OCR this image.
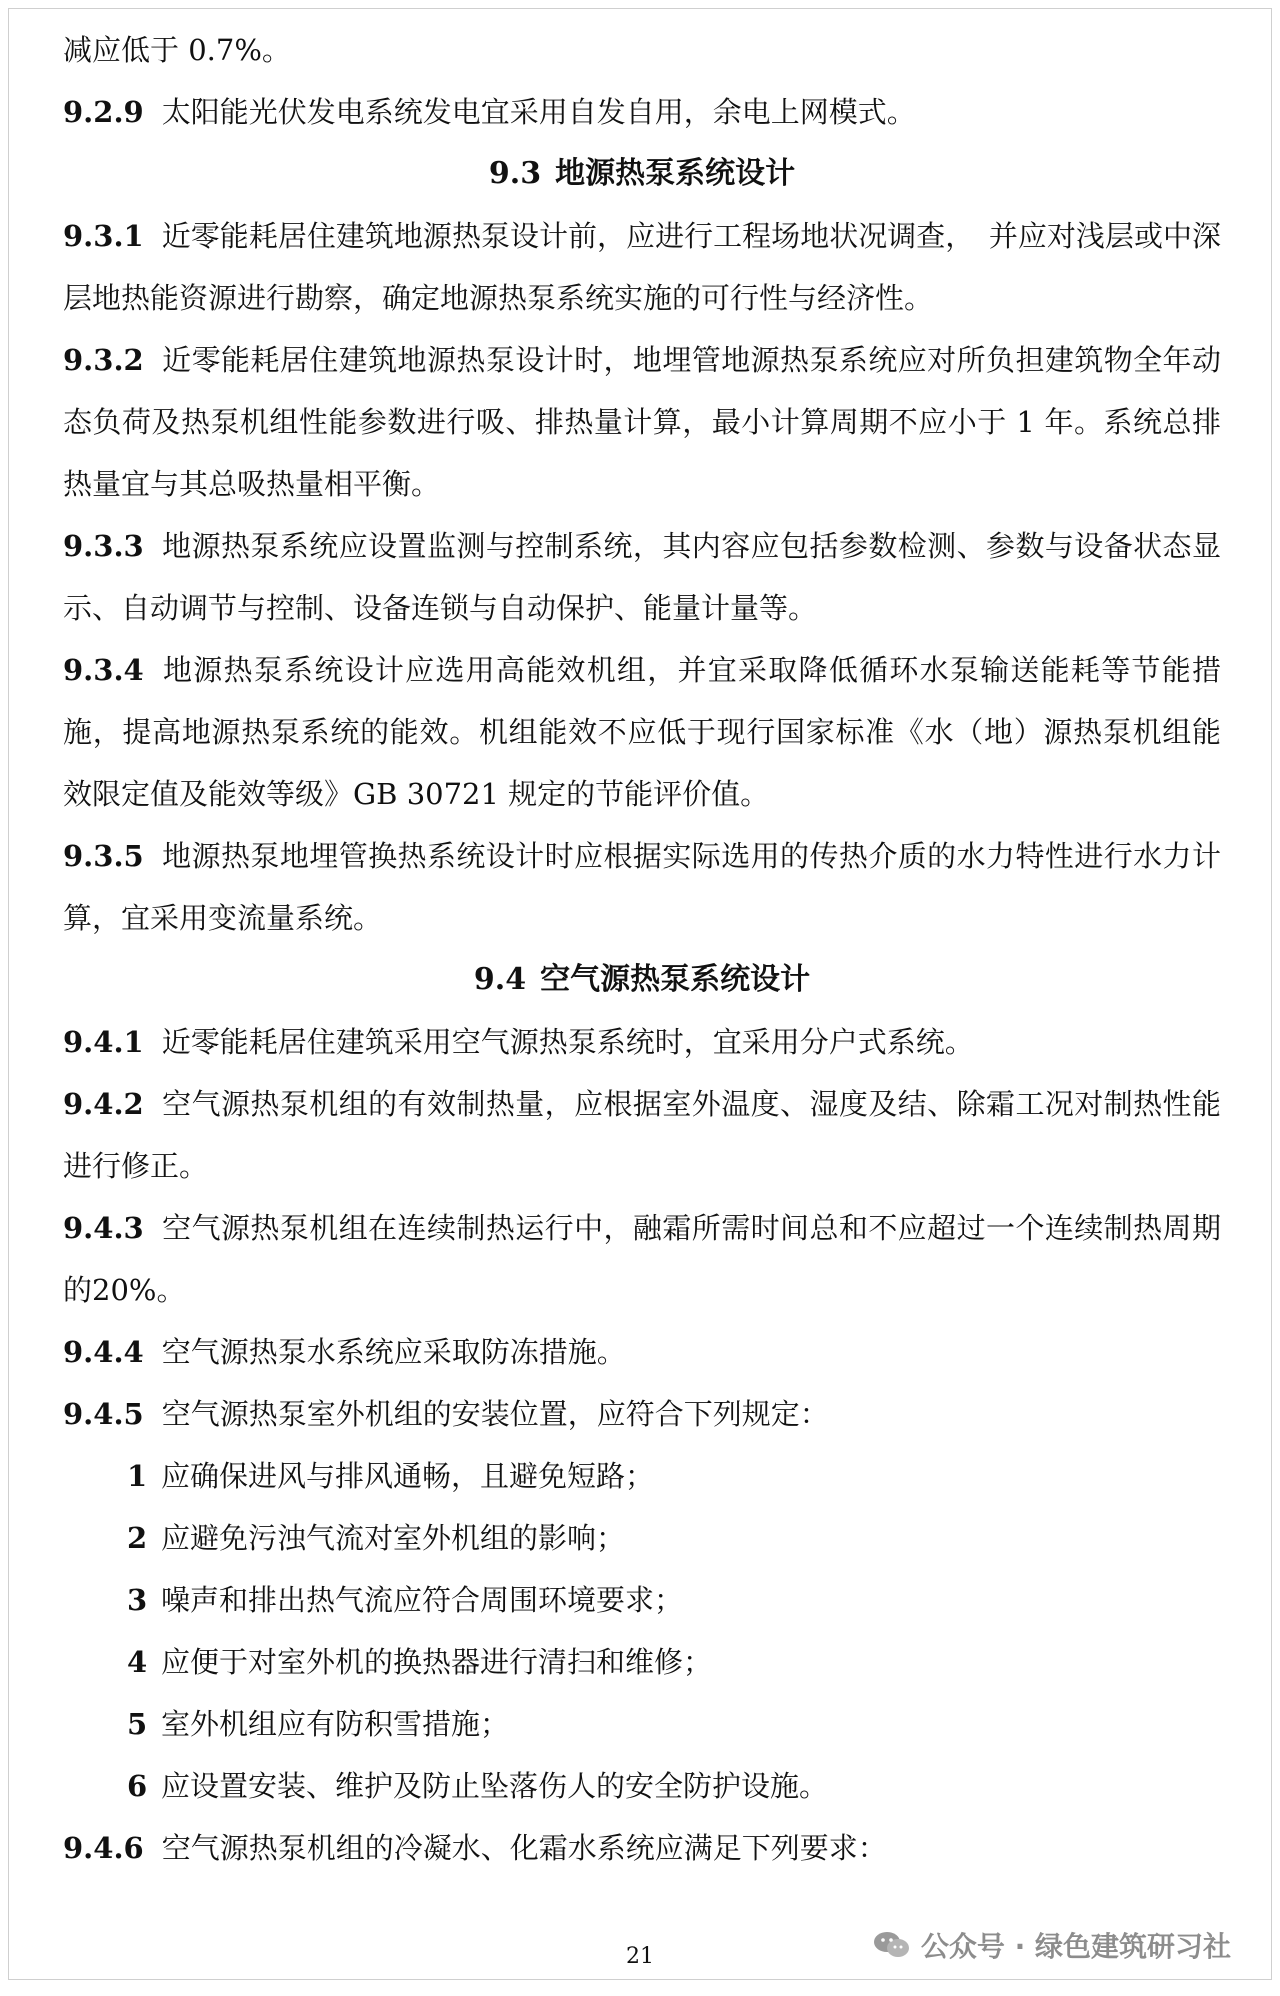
减应低于 0.7%。

9.2.9 太阳能光伏发电系统发电宜采用自发自用，余电上网模式。

9.3 地源热泵系统设计

9.3.1 近零能耗居住建筑地源热泵设计前，应进行工程场地状况调查，　并应对浅层或中深层地热能资源进行勘察，确定地源热泵系统实施的可行性与经济性。

9.3.2 近零能耗居住建筑地源热泵设计时，地埋管地源热泵系统应对所负担建筑物全年动态负荷及热泵机组性能参数进行吸、排热量计算，最小计算周期不应小于 1 年。系统总排热量宜与其总吸热量相平衡。

9.3.3 地源热泵系统应设置监测与控制系统，其内容应包括参数检测、参数与设备状态显示、自动调节与控制、设备连锁与自动保护、能量计量等。

9.3.4 地源热泵系统设计应选用高能效机组，并宜采取降低循环水泵输送能耗等节能措施，提高地源热泵系统的能效。机组能效不应低于现行国家标准《水（地）源热泵机组能效限定值及能效等级》GB 30721 规定的节能评价值。

9.3.5 地源热泵地埋管换热系统设计时应根据实际选用的传热介质的水力特性进行水力计算，宜采用变流量系统。

9.4 空气源热泵系统设计

9.4.1 近零能耗居住建筑采用空气源热泵系统时，宜采用分户式系统。

9.4.2 空气源热泵机组的有效制热量，应根据室外温度、湿度及结、除霜工况对制热性能进行修正。

9.4.3 空气源热泵机组在连续制热运行中，融霜所需时间总和不应超过一个连续制热周期的20%。

9.4.4 空气源热泵水系统应采取防冻措施。

9.4.5 空气源热泵室外机组的安装位置，应符合下列规定：

1 应确保进风与排风通畅，且避免短路；

2 应避免污浊气流对室外机组的影响；

3 噪声和排出热气流应符合周围环境要求；

4 应便于对室外机的换热器进行清扫和维修；

5 室外机组应有防积雪措施；

6 应设置安装、维护及防止坠落伤人的安全防护设施。

9.4.6 空气源热泵机组的冷凝水、化霜水系统应满足下列要求：

21	公众号 · 绿色建筑研习社
